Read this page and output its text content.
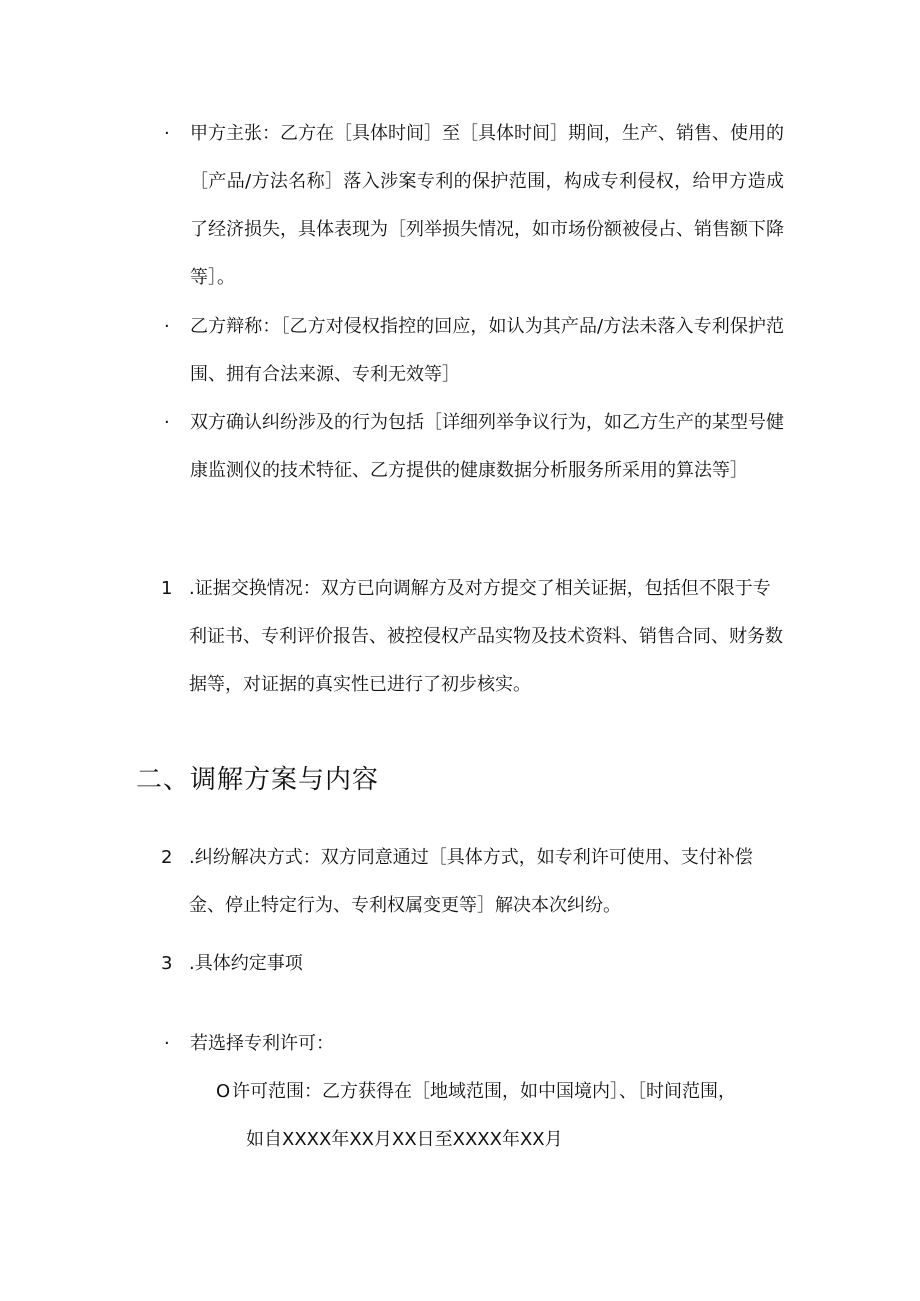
·	甲方主张：乙方在［具体时间］至［具体时间］期间，生产、销售、使用的［产品/方法名称］落入涉案专利的保护范围，构成专利侵权，给甲方造成了经济损失，具体表现为［列举损失情况，如市场份额被侵占、销售额下降等］。
·	乙方辩称：［乙方对侵权指控的回应，如认为其产品/方法未落入专利保护范围、拥有合法来源、专利无效等］
·	双方确认纠纷涉及的行为包括［详细列举争议行为，如乙方生产的某型号健康监测仪的技术特征、乙方提供的健康数据分析服务所采用的算法等］
1 .证据交换情况：双方已向调解方及对方提交了相关证据，包括但不限于专利证书、专利评价报告、被控侵权产品实物及技术资料、销售合同、财务数据等，对证据的真实性已进行了初步核实。
二、调解方案与内容
2 .纠纷解决方式：双方同意通过［具体方式，如专利许可使用、支付补偿金、停止特定行为、专利权属变更等］解决本次纠纷。
3 .具体约定事项
·	若选择专利许可：
O 许可范围：乙方获得在［地域范围，如中国境内］、［时间范围，
如自XXXX年XX月XX日至XXXX年XX月
